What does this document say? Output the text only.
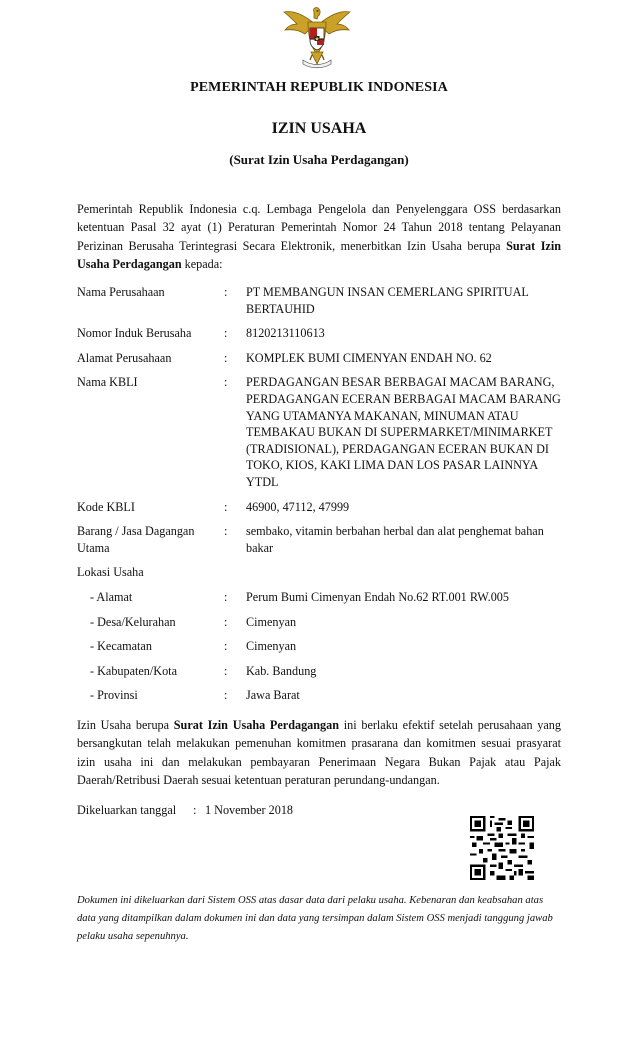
PEMERINTAH REPUBLIK INDONESIA
IZIN USAHA
(Surat Izin Usaha Perdagangan)
Pemerintah Republik Indonesia c.q. Lembaga Pengelola dan Penyelenggara OSS berdasarkan ketentuan Pasal 32 ayat (1) Peraturan Pemerintah Nomor 24 Tahun 2018 tentang Pelayanan Perizinan Berusaha Terintegrasi Secara Elektronik, menerbitkan Izin Usaha berupa Surat Izin Usaha Perdagangan kepada:
Nama Perusahaan	:	PT MEMBANGUN INSAN CEMERLANG SPIRITUAL BERTAUHID
Nomor Induk Berusaha	:	8120213110613
Alamat Perusahaan	:	KOMPLEK BUMI CIMENYAN ENDAH NO. 62
Nama KBLI	:	PERDAGANGAN BESAR BERBAGAI MACAM BARANG, PERDAGANGAN ECERAN BERBAGAI MACAM BARANG YANG UTAMANYA MAKANAN, MINUMAN ATAU TEMBAKAU BUKAN DI SUPERMARKET/MINIMARKET (TRADISIONAL), PERDAGANGAN ECERAN BUKAN DI TOKO, KIOS, KAKI LIMA DAN LOS PASAR LAINNYA YTDL
Kode KBLI	:	46900, 47112, 47999
Barang / Jasa Dagangan Utama	:	sembako, vitamin berbahan herbal dan alat penghemat bahan bakar
Lokasi Usaha		
- Alamat	:	Perum Bumi Cimenyan Endah No.62 RT.001 RW.005
- Desa/Kelurahan	:	Cimenyan
- Kecamatan	:	Cimenyan
- Kabupaten/Kota	:	Kab. Bandung
- Provinsi	:	Jawa Barat
Izin Usaha berupa Surat Izin Usaha Perdagangan ini berlaku efektif setelah perusahaan yang bersangkutan telah melakukan pemenuhan komitmen prasarana dan komitmen sesuai prasyarat izin usaha ini dan melakukan pembayaran Penerimaan Negara Bukan Pajak atau Pajak Daerah/Retribusi Daerah sesuai ketentuan peraturan perundang-undangan.
Dikeluarkan tanggal : 1 November 2018
Dokumen ini dikeluarkan dari Sistem OSS atas dasar data dari pelaku usaha. Kebenaran dan keabsahan atas data yang ditampilkan dalam dokumen ini dan data yang tersimpan dalam Sistem OSS menjadi tanggung jawab pelaku usaha sepenuhnya.
